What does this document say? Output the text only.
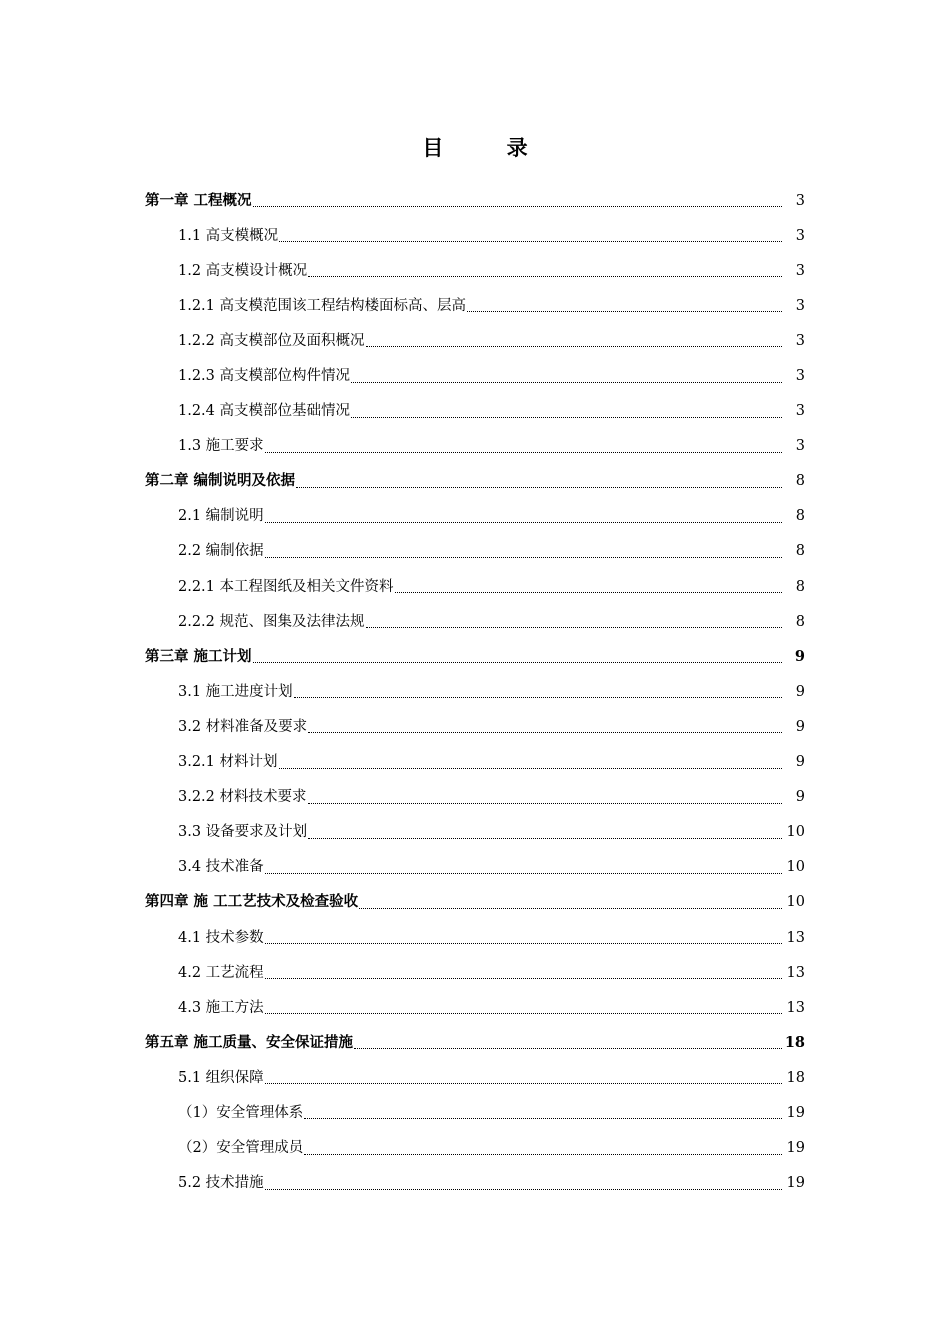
目 录
第一章 工程概况	3
1.1 高支模概况	3
1.2 高支模设计概况	3
1.2.1 高支模范围该工程结构楼面标高、层高	3
1.2.2 高支模部位及面积概况	3
1.2.3 高支模部位构件情况	3
1.2.4 高支模部位基础情况	3
1.3 施工要求	3
第二章 编制说明及依据	8
2.1 编制说明	8
2.2 编制依据	8
2.2.1 本工程图纸及相关文件资料	8
2.2.2 规范、图集及法律法规	8
第三章 施工计划	9
3.1 施工进度计划	9
3.2 材料准备及要求	9
3.2.1 材料计划	9
3.2.2 材料技术要求	9
3.3 设备要求及计划	10
3.4 技术准备	10
第四章 施 工工艺技术及检查验收	10
4.1 技术参数	13
4.2 工艺流程	13
4.3 施工方法	13
第五章 施工质量、安全保证措施	18
5.1 组织保障	18
（1）安全管理体系	19
（2）安全管理成员	19
5.2 技术措施	19
